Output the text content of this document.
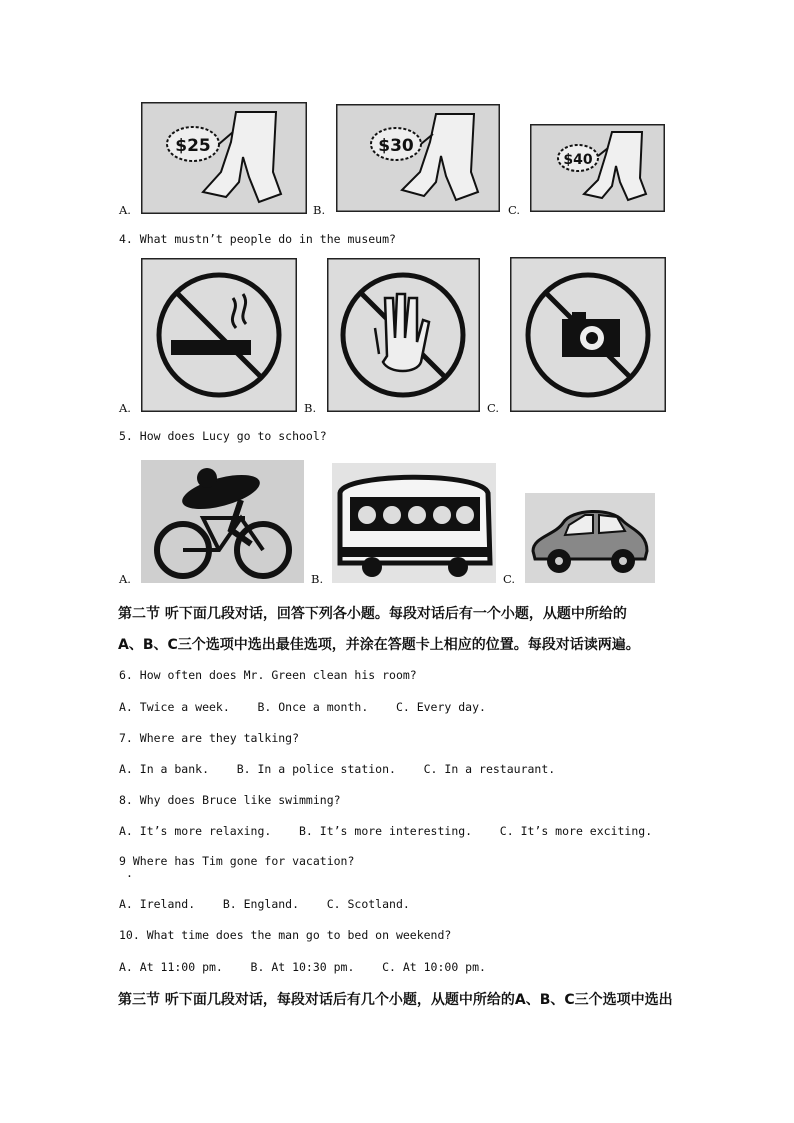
A.
$25
B.
$30
C.
$40
4. What mustn’t people do in the museum?
A.	B.	C.
5. How does Lucy go to school?
A.	B.	C.
第二节 听下面几段对话，回答下列各小题。每段对话后有一个小题，从题中所给的
A、B、C三个选项中选出最佳选项，并涂在答题卡上相应的位置。每段对话读两遍。
6. How often does Mr. Green clean his room?
A. Twice a week.    B. Once a month.    C. Every day.
7. Where are they talking?
A. In a bank.    B. In a police station.    C. In a restaurant.
8. Why does Bruce like swimming?
A. It’s more relaxing.    B. It’s more interesting.    C. It’s more exciting.
9 Where has Tim gone for vacation?
.
A. Ireland.    B. England.    C. Scotland.
10. What time does the man go to bed on weekend?
A. At 11:00 pm.    B. At 10:30 pm.    C. At 10:00 pm.
第三节 听下面几段对话，每段对话后有几个小题，从题中所给的A、B、C三个选项中选出
